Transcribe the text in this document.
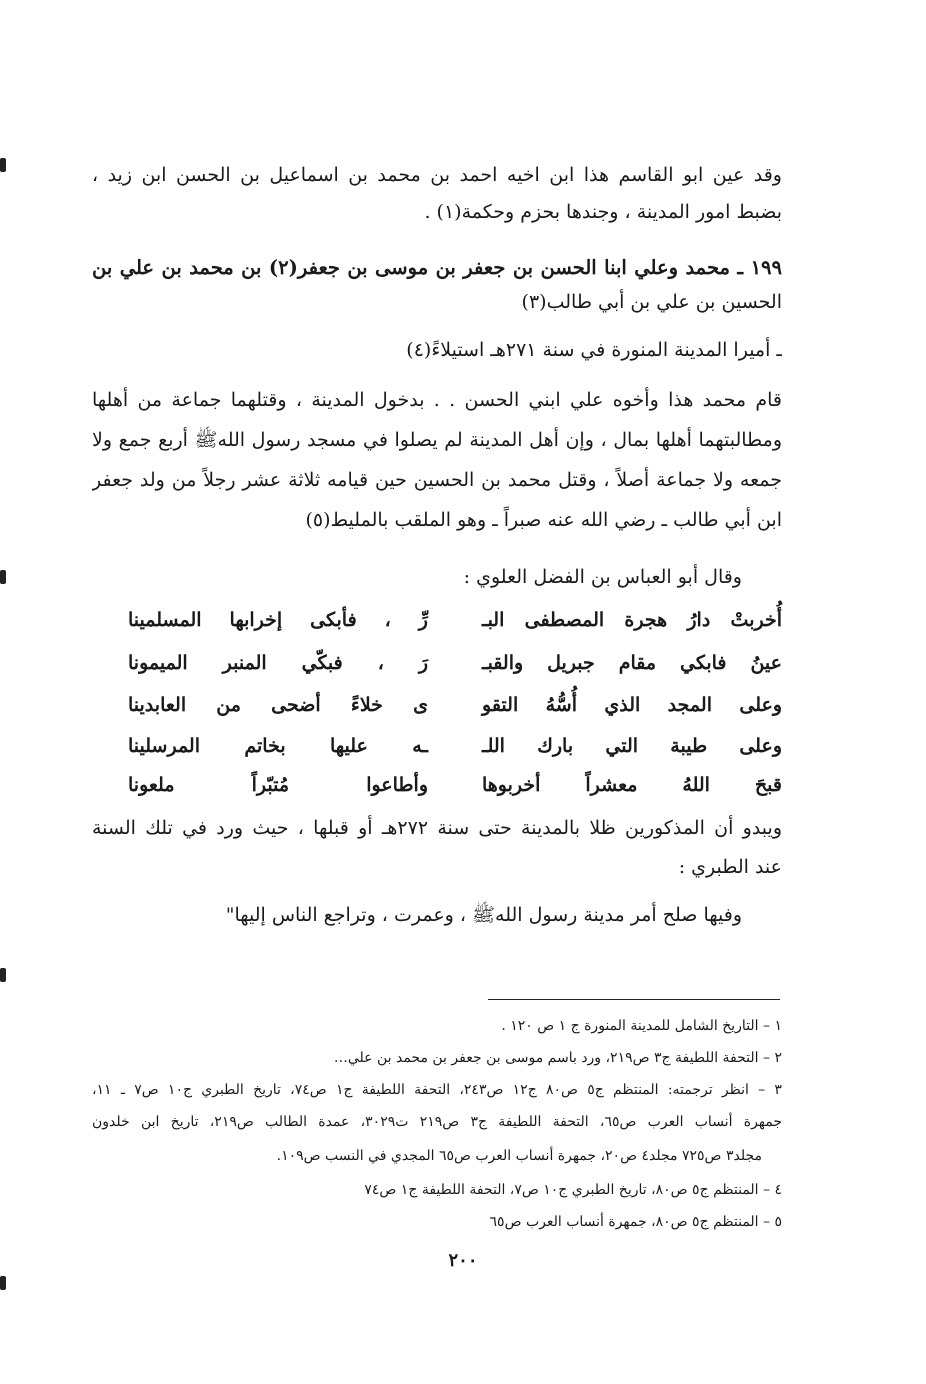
وقد عين ابو القاسم هذا ابن اخيه احمد بن محمد بن اسماعيل بن الحسن ابن زيد ،
بضبط امور المدينة ، وجندها بحزم وحكمة(١) .
١٩٩ ـ محمد وعلي ابنا الحسن بن جعفر بن موسى بن جعفر(٢) بن محمد بن علي بن
الحسين بن علي بن أبي طالب(٣)
ـ أميرا المدينة المنورة في سنة ٢٧١هـ استيلاءً(٤)
قام محمد هذا وأخوه علي ابني الحسن . . بدخول المدينة ، وقتلهما جماعة من أهلها
ومطالبتهما أهلها بمال ، وإن أهل المدينة لم يصلوا في مسجد رسول اللهﷺ أربع جمع ولا
جمعه ولا جماعة أصلاً ، وقتل محمد بن الحسين حين قيامه ثلاثة عشر رجلاً من ولد جعفر
ابن أبي طالب ـ رضي الله عنه صبراً ـ وهو الملقب بالمليط(٥)
وقال أبو العباس بن الفضل العلوي :
أُخربتْ دارُ هجرة المصطفى البـ
رِّ ، فأبكى إخرابها المسلمينا
عينُ فابكي مقام جبريل والقبـ
رَ ، فبكّي المنبر الميمونا
وعلى المجد الذي أُسُّهُ التقو
ى خلاءً أضحى من العابدينا
وعلى طيبة التي بارك اللـ
ـه عليها بخاتم المرسلينا
قبحَ اللهُ معشراً أخربوها
وأطاعوا مُتبّراً ملعونا
ويبدو أن المذكورين ظلا بالمدينة حتى سنة ٢٧٢هـ أو قبلها ، حيث ورد في تلك السنة
عند الطبري :
وفيها صلح أمر مدينة رسول اللهﷺ ، وعمرت ، وتراجع الناس إليها"
١ – التاريخ الشامل للمدينة المنورة ج ١ ص ١٢٠ .
٢ – التحفة اللطيفة ج٣ ص٢١٩، ورد باسم موسى بن جعفر بن محمد بن علي…
٣ – انظر ترجمته: المنتظم ج٥ ص٨٠ ج١٢ ص٢٤٣، التحفة اللطيفة ج١ ص٧٤، تاريخ الطبري ج١٠ ص٧ ـ ١١،
جمهرة أنساب العرب ص٦٥، التحفة اللطيفة ج٣ ص٢١٩ ت٣٠٢٩، عمدة الطالب ص٢١٩، تاريخ ابن خلدون
مجلد٣ ص٧٢٥ مجلد٤ ص٢٠، جمهرة أنساب العرب ص٦٥ المجدي في النسب ص١٠٩.
٤ – المنتظم ج٥ ص٨٠، تاريخ الطبري ج١٠ ص٧، التحفة اللطيفة ج١ ص٧٤
٥ – المنتظم ج٥ ص٨٠، جمهرة أنساب العرب ص٦٥
٢٠٠
